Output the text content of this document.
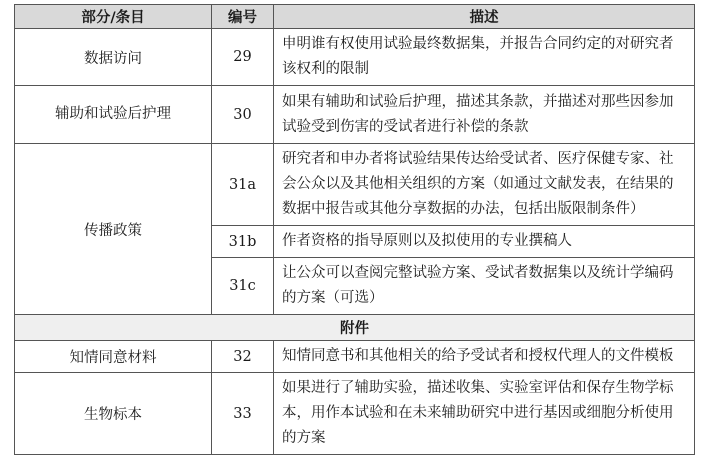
部分/条目	编号	描述
数据访问	29	申明谁有权使用试验最终数据集，并报告合同约定的对研究者该权利的限制
辅助和试验后护理	30	如果有辅助和试验后护理，描述其条款，并描述对那些因参加试验受到伤害的受试者进行补偿的条款
传播政策	31a	研究者和申办者将试验结果传达给受试者、医疗保健专家、社会公众以及其他相关组织的方案（如通过文献发表，在结果的数据中报告或其他分享数据的办法，包括出版限制条件）
	31b	作者资格的指导原则以及拟使用的专业撰稿人
	31c	让公众可以查阅完整试验方案、受试者数据集以及统计学编码的方案（可选）
附件		
知情同意材料	32	知情同意书和其他相关的给予受试者和授权代理人的文件模板
生物标本	33	如果进行了辅助实验，描述收集、实验室评估和保存生物学标本，用作本试验和在未来辅助研究中进行基因或细胞分析使用的方案
